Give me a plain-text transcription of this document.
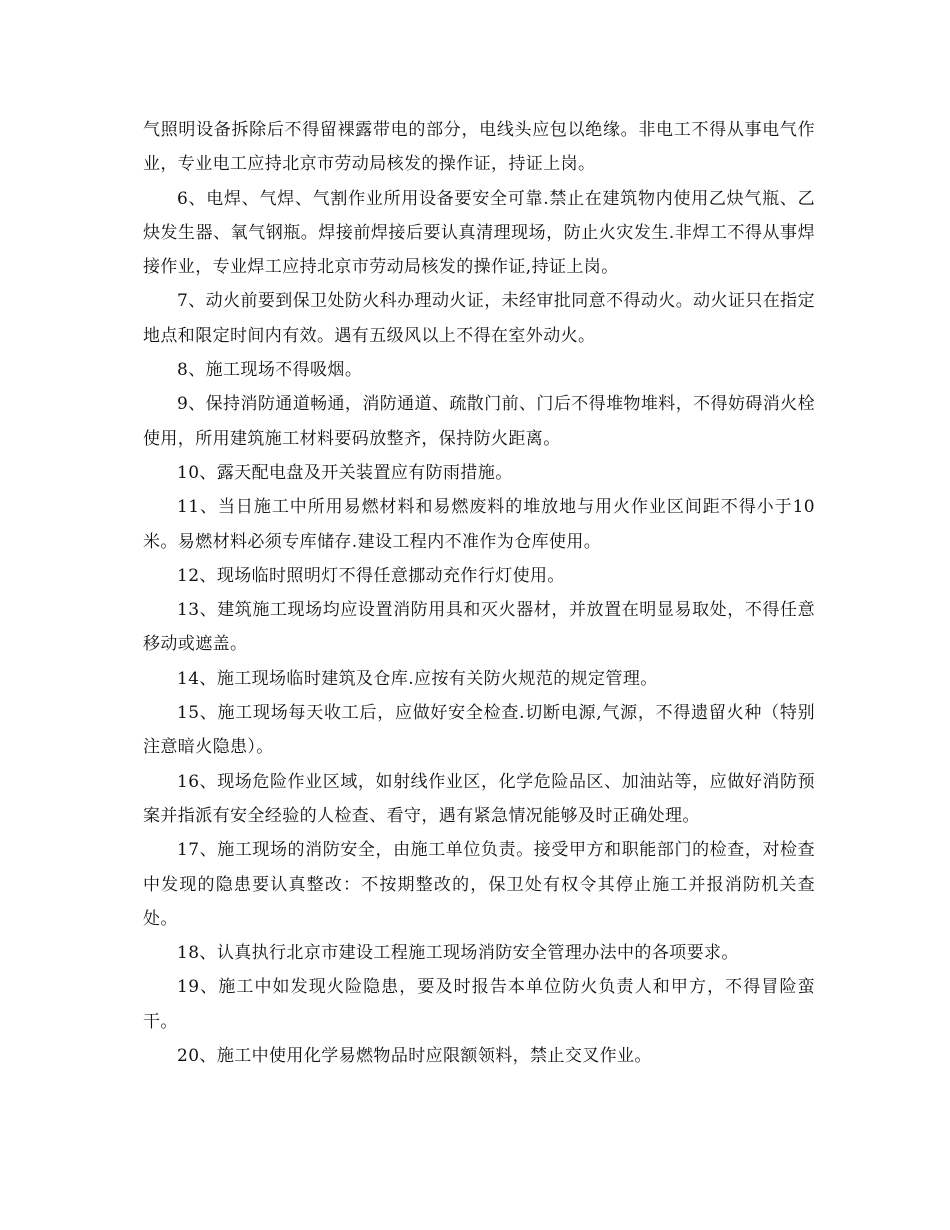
气照明设备拆除后不得留裸露带电的部分，电线头应包以绝缘。非电工不得从事电气作业，专业电工应持北京市劳动局核发的操作证，持证上岗。

6、电焊、气焊、气割作业所用设备要安全可靠.禁止在建筑物内使用乙炔气瓶、乙炔发生器、氧气钢瓶。焊接前焊接后要认真清理现场，防止火灾发生.非焊工不得从事焊接作业，专业焊工应持北京市劳动局核发的操作证,持证上岗。

7、动火前要到保卫处防火科办理动火证，未经审批同意不得动火。动火证只在指定地点和限定时间内有效。遇有五级风以上不得在室外动火。

8、施工现场不得吸烟。

9、保持消防通道畅通，消防通道、疏散门前、门后不得堆物堆料，不得妨碍消火栓使用，所用建筑施工材料要码放整齐，保持防火距离。

10、露天配电盘及开关装置应有防雨措施。

11、当日施工中所用易燃材料和易燃废料的堆放地与用火作业区间距不得小于10米。易燃材料必须专库储存.建设工程内不准作为仓库使用。

12、现场临时照明灯不得任意挪动充作行灯使用。

13、建筑施工现场均应设置消防用具和灭火器材，并放置在明显易取处，不得任意移动或遮盖。

14、施工现场临时建筑及仓库.应按有关防火规范的规定管理。

15、施工现场每天收工后，应做好安全检查.切断电源,气源，不得遗留火种（特别注意暗火隐患）。

16、现场危险作业区域，如射线作业区，化学危险品区、加油站等，应做好消防预案并指派有安全经验的人检查、看守，遇有紧急情况能够及时正确处理。

17、施工现场的消防安全，由施工单位负责。接受甲方和职能部门的检查，对检查中发现的隐患要认真整改：不按期整改的，保卫处有权令其停止施工并报消防机关查处。

18、认真执行北京市建设工程施工现场消防安全管理办法中的各项要求。

19、施工中如发现火险隐患，要及时报告本单位防火负责人和甲方，不得冒险蛮干。

20、施工中使用化学易燃物品时应限额领料，禁止交叉作业。
